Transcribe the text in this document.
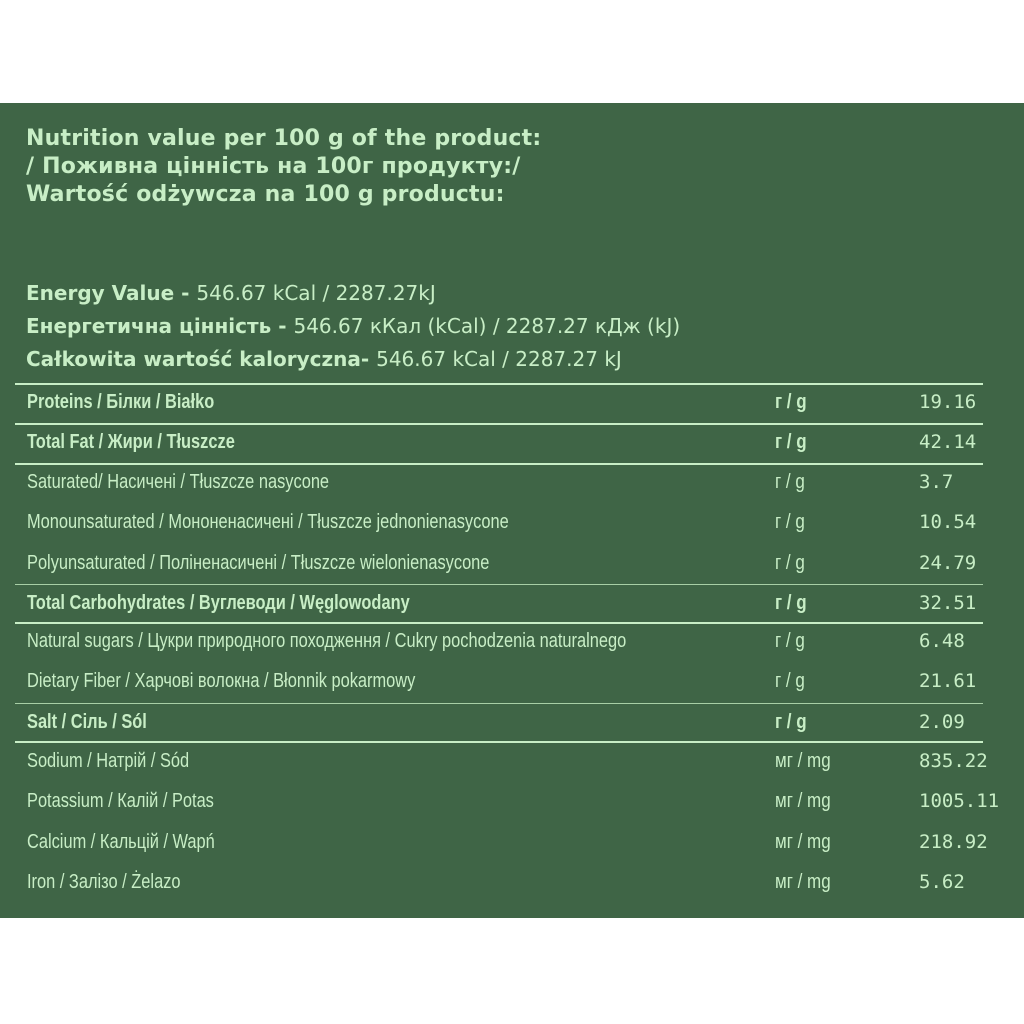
Nutrition value per 100 g of the product: / Поживна цінність на 100г продукту:/ Wartość odżywcza na 100 g productu:

Energy Value - 546.67 kCal / 2287.27kJ
Енергетична цінність - 546.67 кКал (kCal) / 2287.27 кДж (kJ)
Całkowita wartość kaloryczna- 546.67 kCal / 2287.27 kJ
Proteins / Білки / Białko	г / g	19.16
Total Fat / Жири / Tłuszcze	г / g	42.14
Saturated/ Насичені / Tłuszcze nasycone	г / g	3.7
Monounsaturated / Мононенасичені / Tłuszcze jednonienasycone	г / g	10.54
Polyunsaturated / Поліненасичені / Tłuszcze wielonienasycone	г / g	24.79
Total Carbohydrates / Вуглеводи / Węglowodany	г / g	32.51
Natural sugars / Цукри природного походження / Cukry pochodzenia naturalnego	г / g	6.48
Dietary Fiber / Харчові волокна / Błonnik pokarmowy	г / g	21.61
Salt / Сіль / Sól	г / g	2.09
Sodium / Натрій / Sód	мг / mg	835.22
Potassium / Калій / Potas	мг / mg	1005.11
Calcium / Кальцій / Wapń	мг / mg	218.92
Iron / Залізо / Żelazo	мг / mg	5.62
